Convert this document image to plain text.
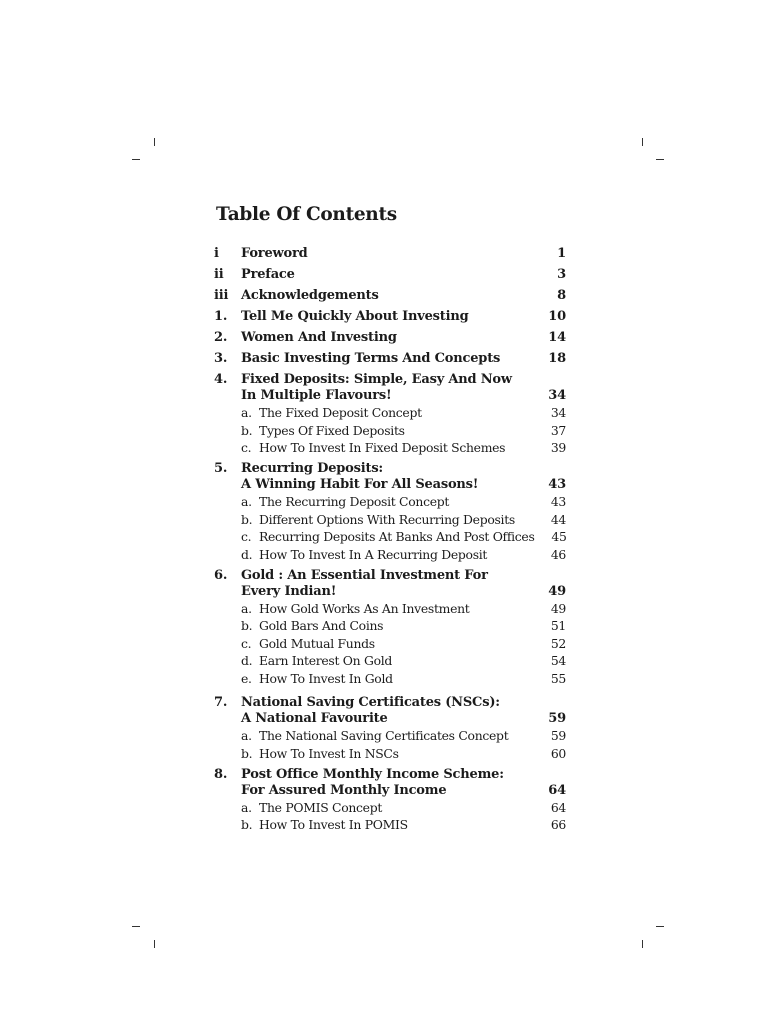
Table Of Contents
i	Foreword	1
ii	Preface	3
iii Acknowledgements	8
1.	Tell Me Quickly About Investing	10
2.	Women And Investing	14
3.	Basic Investing Terms And Concepts	18
4.	Fixed Deposits: Simple, Easy And Now
In Multiple Flavours!	34
a. The Fixed Deposit Concept	34
b. Types Of Fixed Deposits	37
c. How To Invest In Fixed Deposit Schemes	39
5.	Recurring Deposits:
A Winning Habit For All Seasons!	43
a. The Recurring Deposit Concept	43
b. Different Options With Recurring Deposits	44
c. Recurring Deposits At Banks And Post Offices	45
d. How To Invest In A Recurring Deposit	46
6.	Gold : An Essential Investment For
Every Indian!	49
a. How Gold Works As An Investment	49
b. Gold Bars And Coins	51
c. Gold Mutual Funds	52
d. Earn Interest On Gold	54
e. How To Invest In Gold	55
7.	National Saving Certificates (NSCs):
A National Favourite	59
a. The National Saving Certificates Concept	59
b. How To Invest In NSCs	60
8.	Post Office Monthly Income Scheme:
For Assured Monthly Income	64
a. The POMIS Concept	64
b. How To Invest In POMIS	66
